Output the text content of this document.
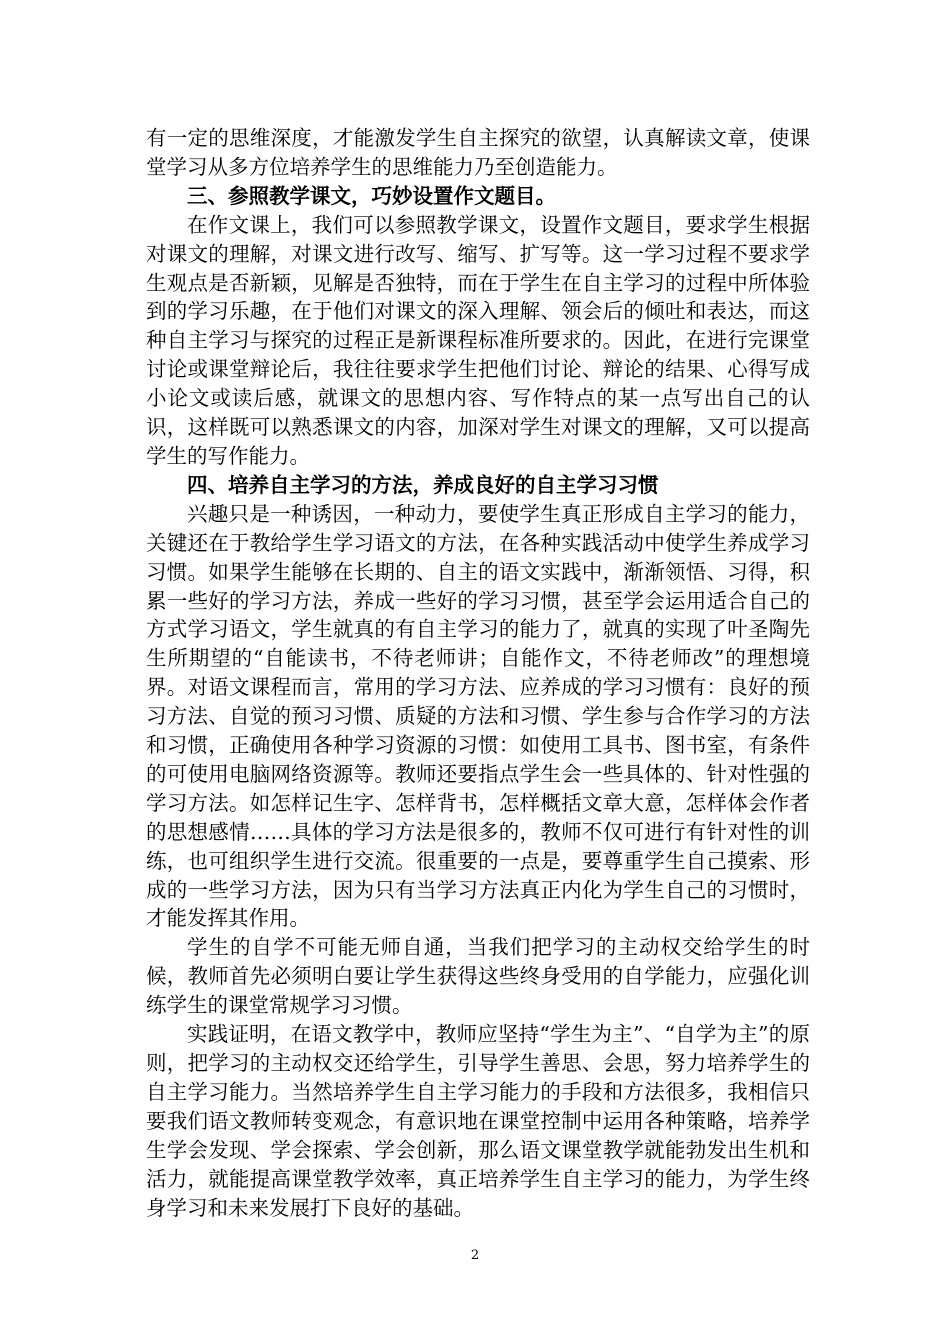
有一定的思维深度，才能激发学生自主探究的欲望，认真解读文章，使课堂学习从多方位培养学生的思维能力乃至创造能力。

三、参照教学课文，巧妙设置作文题目。

在作文课上，我们可以参照教学课文，设置作文题目，要求学生根据对课文的理解，对课文进行改写、缩写、扩写等。这一学习过程不要求学生观点是否新颖，见解是否独特，而在于学生在自主学习的过程中所体验到的学习乐趣，在于他们对课文的深入理解、领会后的倾吐和表达，而这种自主学习与探究的过程正是新课程标准所要求的。因此，在进行完课堂讨论或课堂辩论后，我往往要求学生把他们讨论、辩论的结果、心得写成小论文或读后感，就课文的思想内容、写作特点的某一点写出自己的认识，这样既可以熟悉课文的内容，加深对学生对课文的理解，又可以提高学生的写作能力。

四、培养自主学习的方法，养成良好的自主学习习惯

兴趣只是一种诱因，一种动力，要使学生真正形成自主学习的能力，关键还在于教给学生学习语文的方法，在各种实践活动中使学生养成学习习惯。如果学生能够在长期的、自主的语文实践中，渐渐领悟、习得，积累一些好的学习方法，养成一些好的学习习惯，甚至学会运用适合自己的方式学习语文，学生就真的有自主学习的能力了，就真的实现了叶圣陶先生所期望的“自能读书，不待老师讲；自能作文，不待老师改”的理想境界。对语文课程而言，常用的学习方法、应养成的学习习惯有：良好的预习方法、自觉的预习习惯、质疑的方法和习惯、学生参与合作学习的方法和习惯，正确使用各种学习资源的习惯：如使用工具书、图书室，有条件的可使用电脑网络资源等。教师还要指点学生会一些具体的、针对性强的学习方法。如怎样记生字、怎样背书，怎样概括文章大意，怎样体会作者的思想感情……具体的学习方法是很多的，教师不仅可进行有针对性的训练，也可组织学生进行交流。很重要的一点是，要尊重学生自己摸索、形成的一些学习方法，因为只有当学习方法真正内化为学生自己的习惯时，才能发挥其作用。

学生的自学不可能无师自通，当我们把学习的主动权交给学生的时候，教师首先必须明白要让学生获得这些终身受用的自学能力，应强化训练学生的课堂常规学习习惯。

实践证明，在语文教学中，教师应坚持“学生为主”、“自学为主”的原则，把学习的主动权交还给学生，引导学生善思、会思，努力培养学生的自主学习能力。当然培养学生自主学习能力的手段和方法很多，我相信只要我们语文教师转变观念，有意识地在课堂控制中运用各种策略，培养学生学会发现、学会探索、学会创新，那么语文课堂教学就能勃发出生机和活力，就能提高课堂教学效率，真正培养学生自主学习的能力，为学生终身学习和未来发展打下良好的基础。

2
